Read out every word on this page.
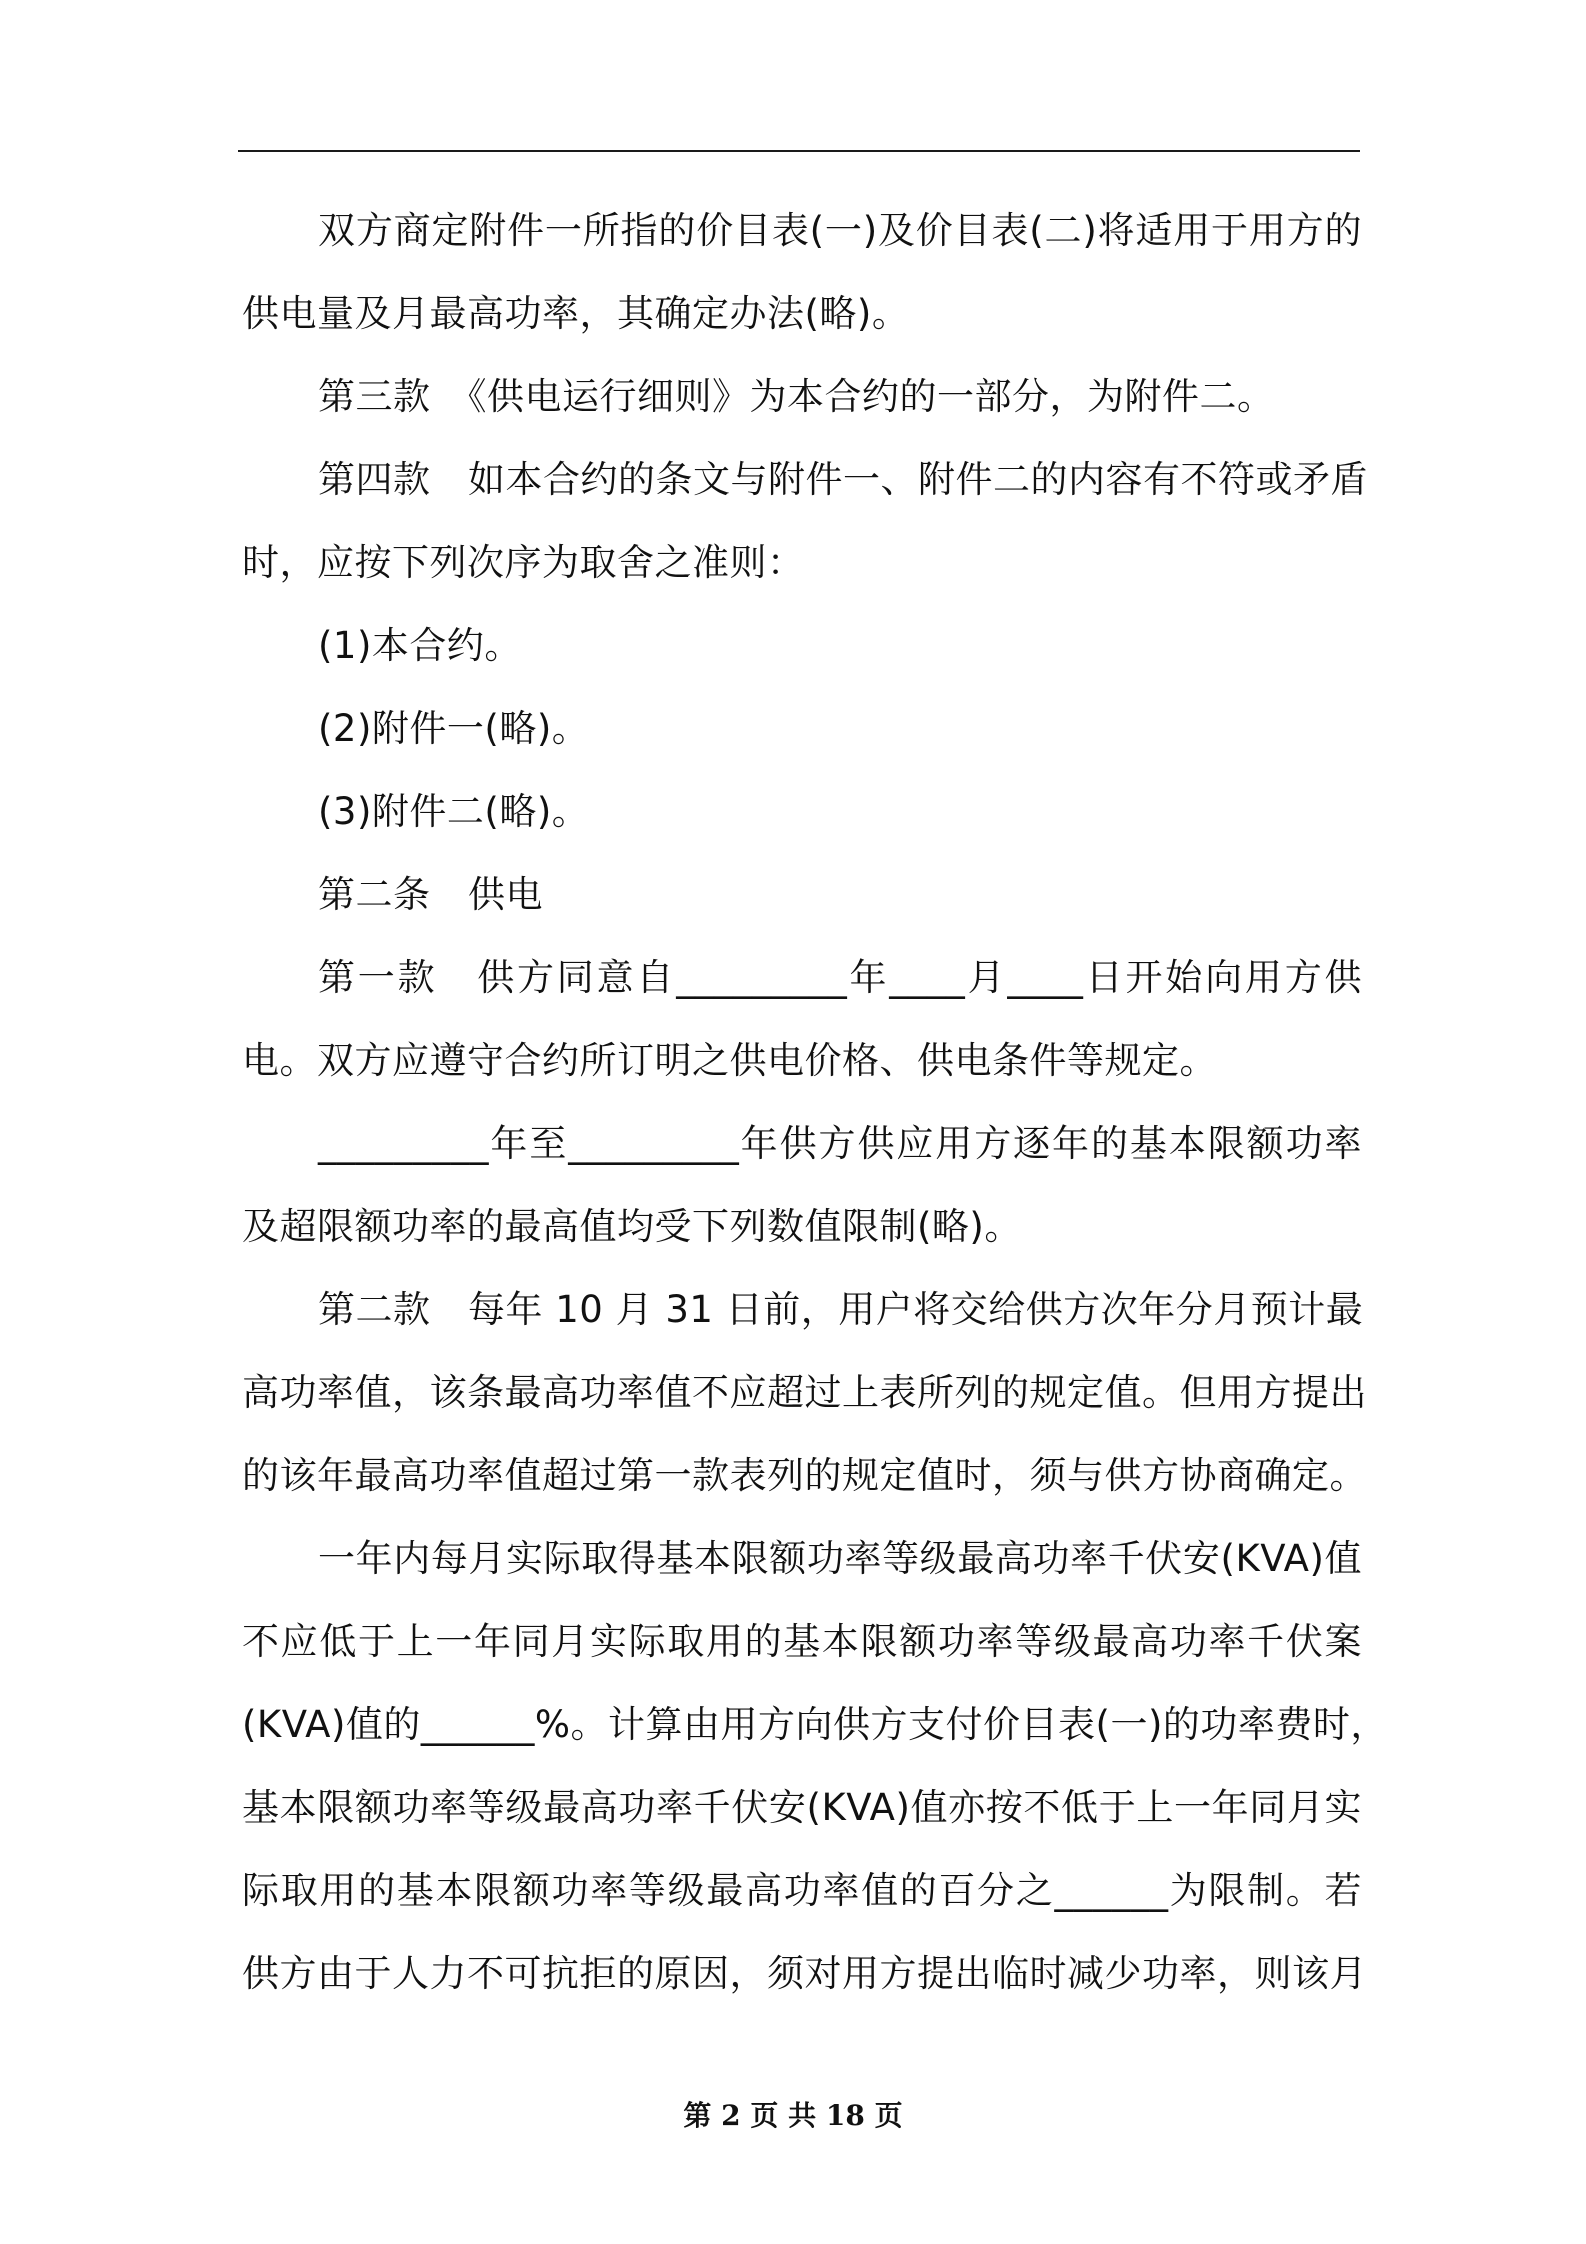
双方商定附件一所指的价目表(一)及价目表(二)将适用于用方的
供电量及月最高功率，其确定办法(略)。
第三款　《供电运行细则》为本合约的一部分，为附件二。
第四款　如本合约的条文与附件一、附件二的内容有不符或矛盾
时，应按下列次序为取舍之准则：
(1)本合约。
(2)附件一(略)。
(3)附件二(略)。
第二条　供电
第一款　供方同意自_________年____月____日开始向用方供
电。双方应遵守合约所订明之供电价格、供电条件等规定。
_________年至_________年供方供应用方逐年的基本限额功率
及超限额功率的最高值均受下列数值限制(略)。
第二款　每年 10 月 31 日前，用户将交给供方次年分月预计最
高功率值，该条最高功率值不应超过上表所列的规定值。但用方提出
的该年最高功率值超过第一款表列的规定值时，须与供方协商确定。
一年内每月实际取得基本限额功率等级最高功率千伏安(KVA)值
不应低于上一年同月实际取用的基本限额功率等级最高功率千伏案
(KVA)值的______%。计算由用方向供方支付价目表(一)的功率费时，
基本限额功率等级最高功率千伏安(KVA)值亦按不低于上一年同月实
际取用的基本限额功率等级最高功率值的百分之______为限制。若
供方由于人力不可抗拒的原因，须对用方提出临时减少功率，则该月
第 2 页 共 18 页
